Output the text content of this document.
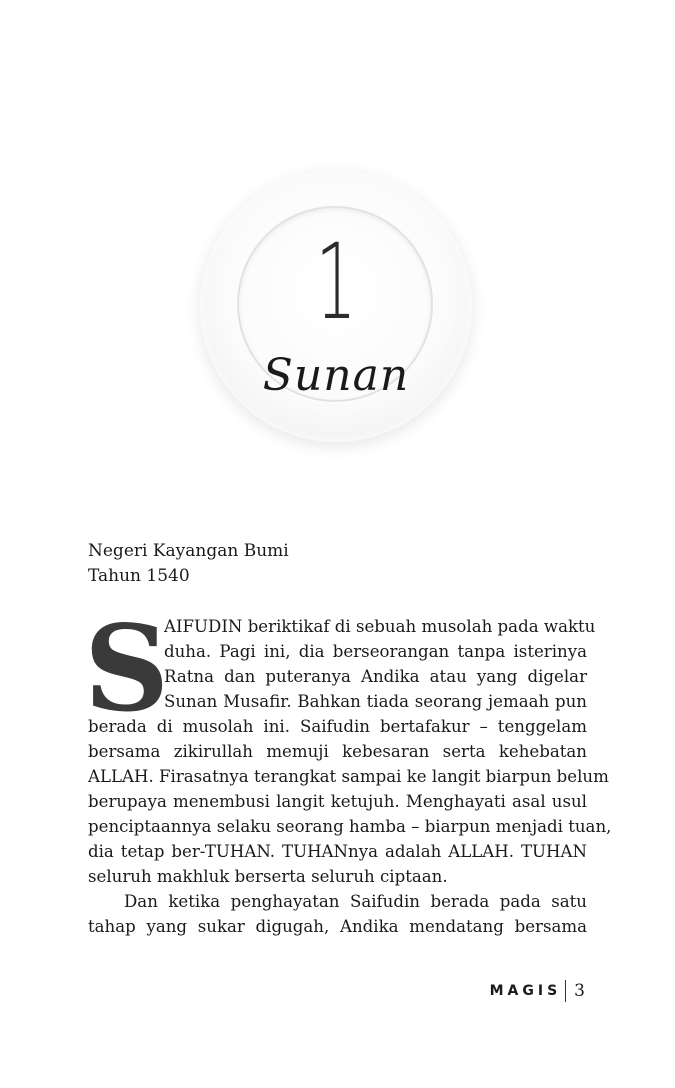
1
Sunan
Negeri Kayangan Bumi
Tahun 1540
S
AIFUDIN beriktikaf di sebuah musolah pada waktu
duha. Pagi ini, dia berseorangan tanpa isterinya
Ratna dan puteranya Andika atau yang digelar
Sunan Musafir. Bahkan tiada seorang jemaah pun
berada di musolah ini. Saifudin bertafakur – tenggelam
bersama zikirullah memuji kebesaran serta kehebatan
ALLAH. Firasatnya terangkat sampai ke langit biarpun belum
berupaya menembusi langit ketujuh. Menghayati asal usul
penciptaannya selaku seorang hamba – biarpun menjadi tuan,
dia tetap ber-TUHAN. TUHANnya adalah ALLAH. TUHAN
seluruh makhluk berserta seluruh ciptaan.
Dan ketika penghayatan Saifudin berada pada satu
tahap yang sukar digugah, Andika mendatang bersama
MAGIS 3
